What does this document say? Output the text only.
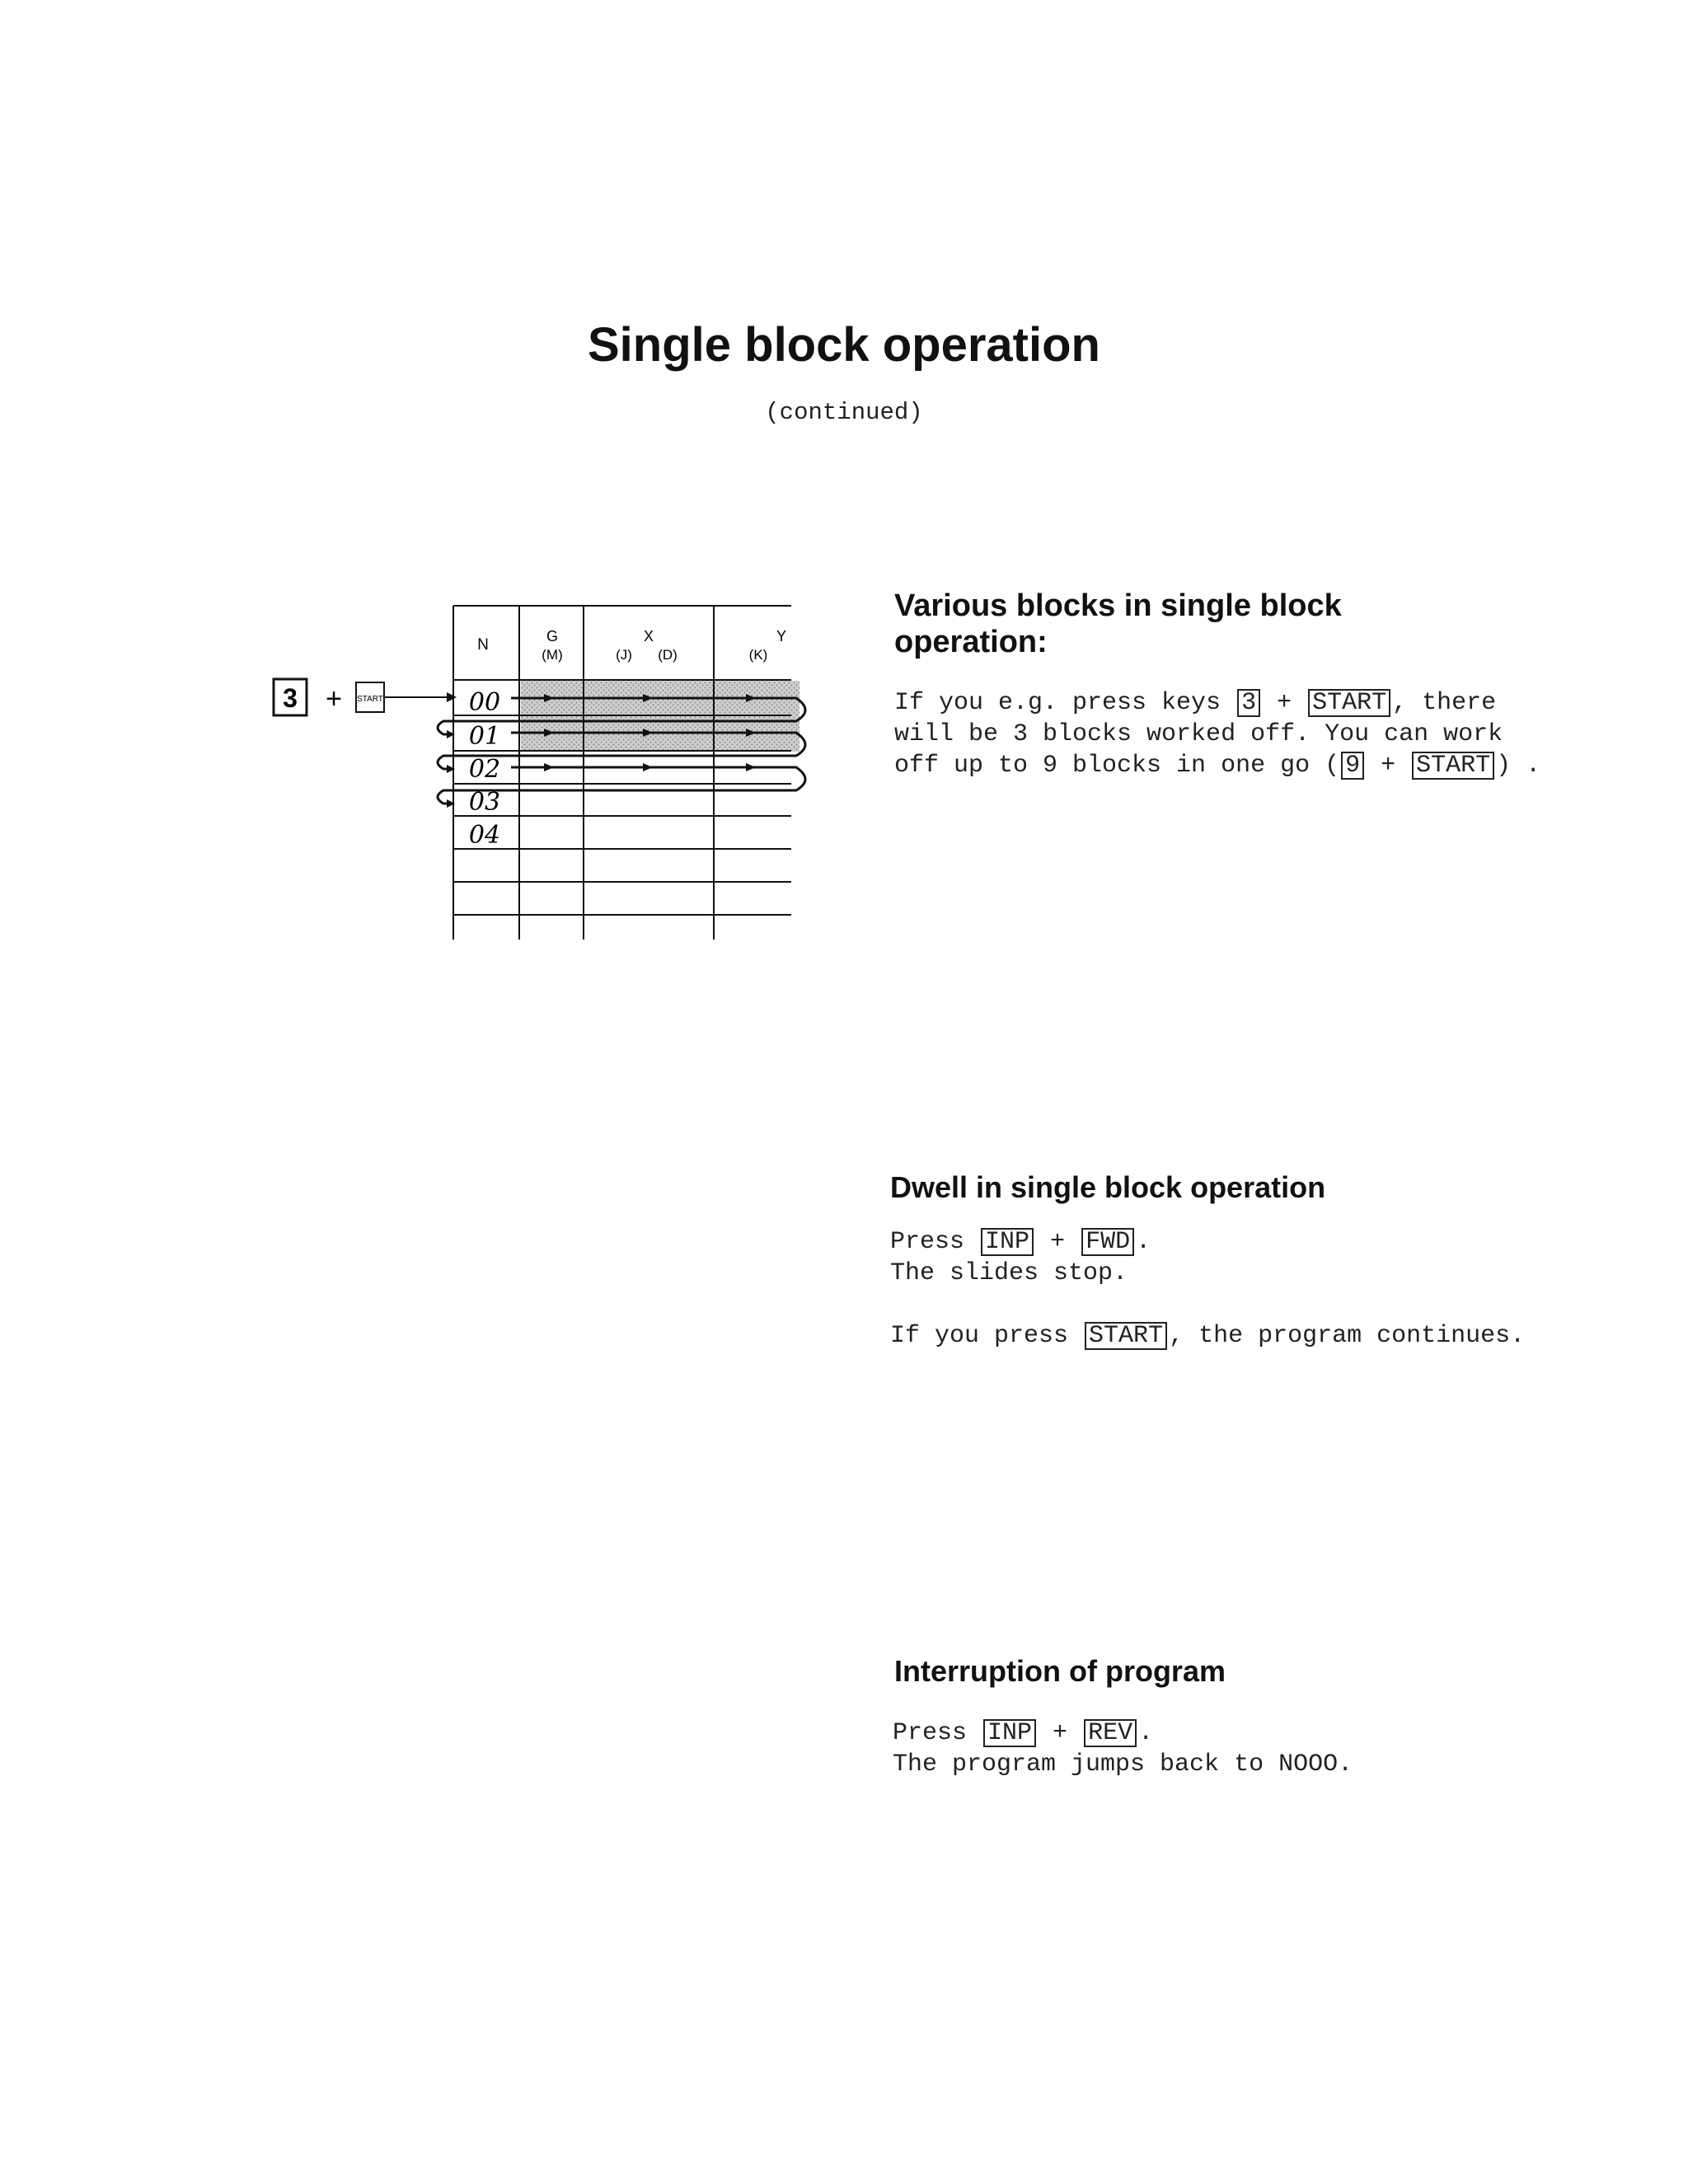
Single block operation
(continued)
3 + START
N	G
(M)
X
(J) (D)
Y
(K)
00
01
02
03
04
Various blocks in single block operation:
If you e.g. press keys 3 + START , there will be 3 blocks worked off. You can work off up to 9 blocks in one go ( 9 + START ) .
Dwell in single block operation
Press INP + FWD .
The slides stop.
If you press START , the program continues.
Interruption of program
Press INP + REV .
The program jumps back to NOOO.
